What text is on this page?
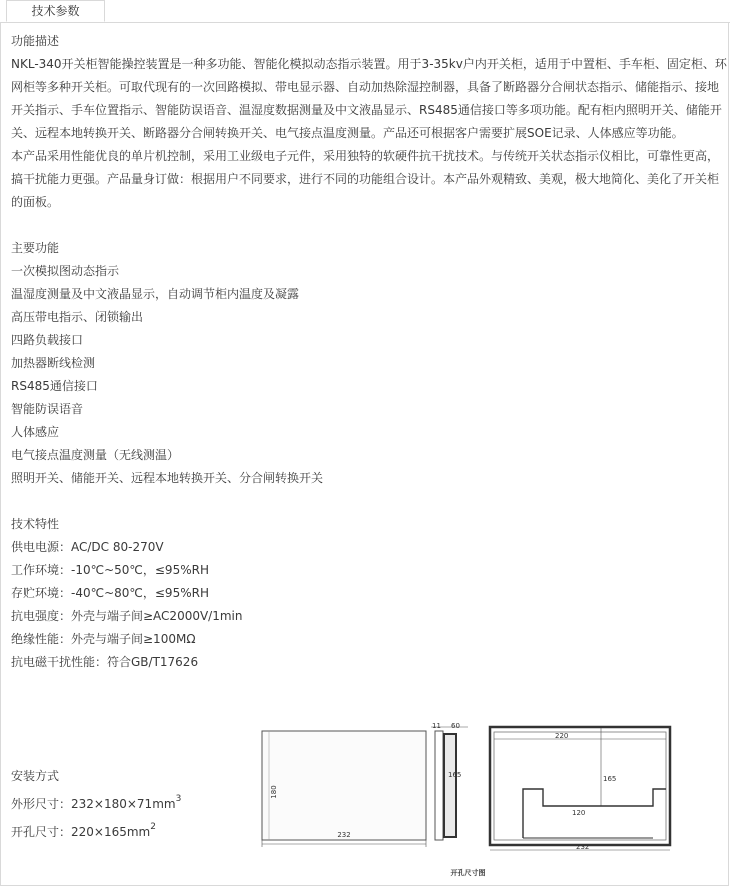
技术参数
功能描述
NKL-340开关柜智能操控装置是一种多功能、智能化模拟动态指示装置。用于3-35kv户内开关柜，适用于中置柜、手车柜、固定柜、环
网柜等多种开关柜。可取代现有的一次回路模拟、带电显示器、自动加热除湿控制器，具备了断路器分合闸状态指示、储能指示、接地
开关指示、手车位置指示、智能防误语音、温湿度数据测量及中文液晶显示、RS485通信接口等多项功能。配有柜内照明开关、储能开
关、远程本地转换开关、断路器分合闸转换开关、电气接点温度测量。产品还可根据客户需要扩展SOE记录、人体感应等功能。
本产品采用性能优良的单片机控制，采用工业级电子元件，采用独特的软硬件抗干扰技术。与传统开关状态指示仪相比，可靠性更高，
搞干扰能力更强。产品量身订做：根据用户不同要求，进行不同的功能组合设计。本产品外观精致、美观，极大地简化、美化了开关柜
的面板。
主要功能
一次模拟图动态指示
温湿度测量及中文液晶显示，自动调节柜内温度及凝露
高压带电指示、闭锁输出
四路负载接口
加热器断线检测
RS485通信接口
智能防误语音
人体感应
电气接点温度测量（无线测温）
照明开关、储能开关、远程本地转换开关、分合闸转换开关
技术特性
供电电源：AC/DC 80-270V
工作环境：-10℃~50℃，≤95%RH
存贮环境：-40℃~80℃，≤95%RH
抗电强度：外壳与端子间≥AC2000V/1min
绝缘性能：外壳与端子间≥100MΩ
抗电磁干扰性能：符合GB/T17626
安装方式
外形尺寸：$232\times 180\times 71mm^3$
开孔尺寸：$220\times 165mm^2$
232
180
11 60
165
220
165
120
232
开孔尺寸图
